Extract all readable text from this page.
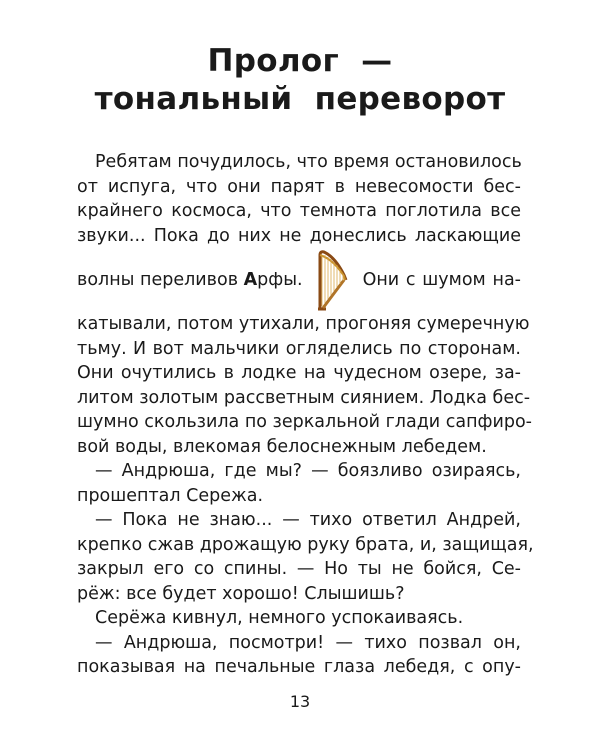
Пролог  —
тональный  переворот
Ребятам почудилось, что время остановилось
от испуга, что они парят в невесомости бес-
крайнего космоса, что темнота поглотила все
звуки... Пока до них не донеслись ласкающие
волны переливов Арфы.	Они с шумом на-
катывали, потом утихали, прогоняя сумеречную
тьму. И вот мальчики огляделись по сторонам.
Они очутились в лодке на чудесном озере, за-
литом золотым рассветным сиянием. Лодка бес-
шумно скользила по зеркальной глади сапфиро-
вой воды, влекомая белоснежным лебедем.
— Андрюша, где мы? — боязливо озираясь,
прошептал Сережа.
— Пока не знаю... — тихо ответил Андрей,
крепко сжав дрожащую руку брата, и, защищая,
закрыл его со спины. — Но ты не бойся, Се-
рёж: все будет хорошо! Слышишь?
Серёжа кивнул, немного успокаиваясь.
— Андрюша, посмотри! — тихо позвал он,
показывая на печальные глаза лебедя, с опу-
13
